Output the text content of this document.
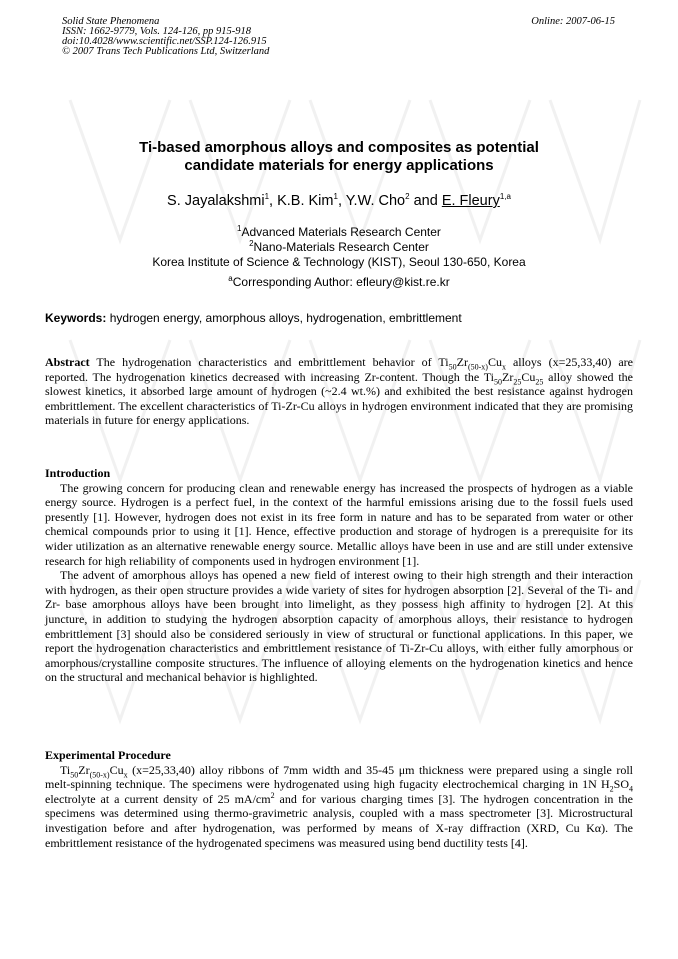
Solid State Phenomena
ISSN: 1662-9779, Vols. 124-126, pp 915-918
doi:10.4028/www.scientific.net/SSP.124-126.915
© 2007 Trans Tech Publications Ltd, Switzerland
Online: 2007-06-15
Ti-based amorphous alloys and composites as potential
candidate materials for energy applications
S. Jayalakshmi$^1$, K.B. Kim$^1$, Y.W. Cho$^2$ and E. Fleury$^{1,a}$
$^1$Advanced Materials Research Center
$^2$Nano-Materials Research Center
Korea Institute of Science & Technology (KIST), Seoul 130-650, Korea
$^a$Corresponding Author: efleury@kist.re.kr
Keywords: hydrogen energy, amorphous alloys, hydrogenation, embrittlement

Abstract The hydrogenation characteristics and embrittlement behavior of $Ti_{50}Zr_{(50-x)}Cu_x$ alloys (x=25,33,40) are reported. The hydrogenation kinetics decreased with increasing Zr-content. Though the $Ti_{50}Zr_{25}Cu_{25}$ alloy showed the slowest kinetics, it absorbed large amount of hydrogen (~2.4 wt.%) and exhibited the best resistance against hydrogen embrittlement. The excellent characteristics of Ti-Zr-Cu alloys in hydrogen environment indicated that they are promising materials in future for energy applications.

Introduction

The growing concern for producing clean and renewable energy has increased the prospects of hydrogen as a viable energy source. Hydrogen is a perfect fuel, in the context of the harmful emissions arising due to the fossil fuels used presently [1]. However, hydrogen does not exist in its free form in nature and has to be separated from water or other chemical compounds prior to using it [1]. Hence, effective production and storage of hydrogen is a prerequisite for its wider utilization as an alternative renewable energy source. Metallic alloys have been in use and are still under extensive research for high reliability of components used in hydrogen environment [1].

The advent of amorphous alloys has opened a new field of interest owing to their high strength and their interaction with hydrogen, as their open structure provides a wide variety of sites for hydrogen absorption [2]. Several of the Ti- and Zr- base amorphous alloys have been brought into limelight, as they possess high affinity to hydrogen [2]. At this juncture, in addition to studying the hydrogen absorption capacity of amorphous alloys, their resistance to hydrogen embrittlement [3] should also be considered seriously in view of structural or functional applications. In this paper, we report the hydrogenation characteristics and embrittlement resistance of Ti-Zr-Cu alloys, with either fully amorphous or amorphous/crystalline composite structures. The influence of alloying elements on the hydrogenation kinetics and hence on the structural and mechanical behavior is highlighted.

Experimental Procedure

$Ti_{50}Zr_{(50-x)}Cu_x$ (x=25,33,40) alloy ribbons of 7mm width and 35-45 μm thickness were prepared using a single roll melt-spinning technique. The specimens were hydrogenated using high fugacity electrochemical charging in 1N $H_2SO_4$ electrolyte at a current density of 25 $mA/cm^2$ and for various charging times [3]. The hydrogen concentration in the specimens was determined using thermo-gravimetric analysis, coupled with a mass spectrometer [3]. Microstructural investigation before and after hydrogenation, was performed by means of X-ray diffraction (XRD, Cu Kα). The embrittlement resistance of the hydrogenated specimens was measured using bend ductility tests [4].
